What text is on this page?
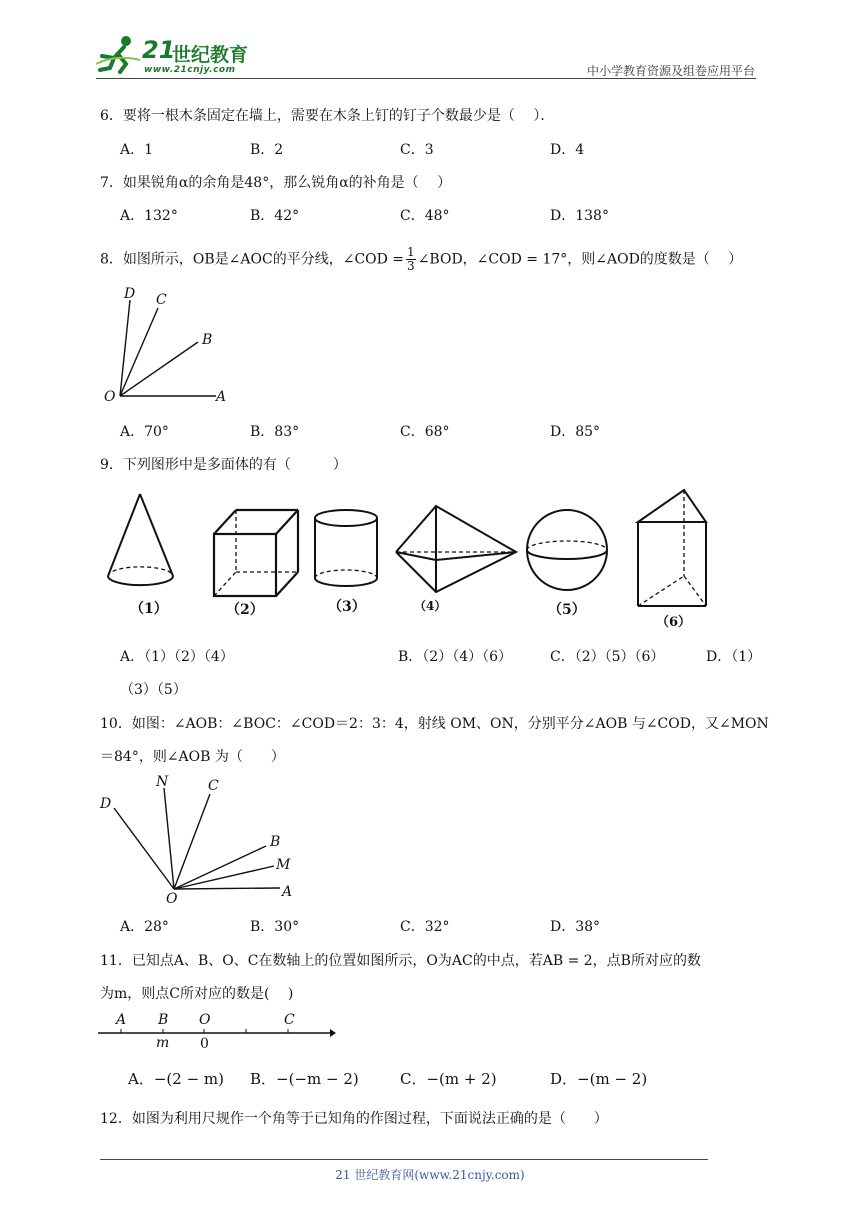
21
世纪教育
www.21cnjy.com	中小学教育资源及组卷应用平台
6．要将一根木条固定在墙上，需要在木条上钉的钉子个数最少是（　 ）．
A．1	B．2	C．3	D．4
7．如果锐角α的余角是48°，那么锐角α的补角是（　 ）
A．132°	B．42°	C．48°	D．138°
8．如图所示，OB是∠AOC的平分线，∠COD = $\frac{1}{3}$ ∠BOD，∠COD = 17°，则∠AOD的度数是（　 ）
D C
B
O	A
A．70°	B．83°	C．68°	D．85°
9．下列图形中是多面体的有（　　　）
（1）	（2）	（3）	（4）	（5）
（6）
A．（1）（2）（4）	B．（2）（4）（6）	C．（2）（5）（6）	D．（1）
（3）（5）
10．如图：∠AOB：∠BOC：∠COD＝2：3：4，射线 OM、ON，分别平分∠AOB 与∠COD，又∠MON
＝84°，则∠AOB 为（　　）
D
N	C
B
M
A
O
A．28°	B．30°	C．32°	D．38°
11．已知点A、B、O、C在数轴上的位置如图所示，O为AC的中点，若AB = 2，点B所对应的数
为m，则点C所对应的数是(　 )
A B O	C
m 0
A．−(2 − m) B．−(−m − 2)	C．−(m + 2)	D．−(m − 2)
12．如图为利用尺规作一个角等于已知角的作图过程，下面说法正确的是（　　）
21 世纪教育网(www.21cnjy.com)
